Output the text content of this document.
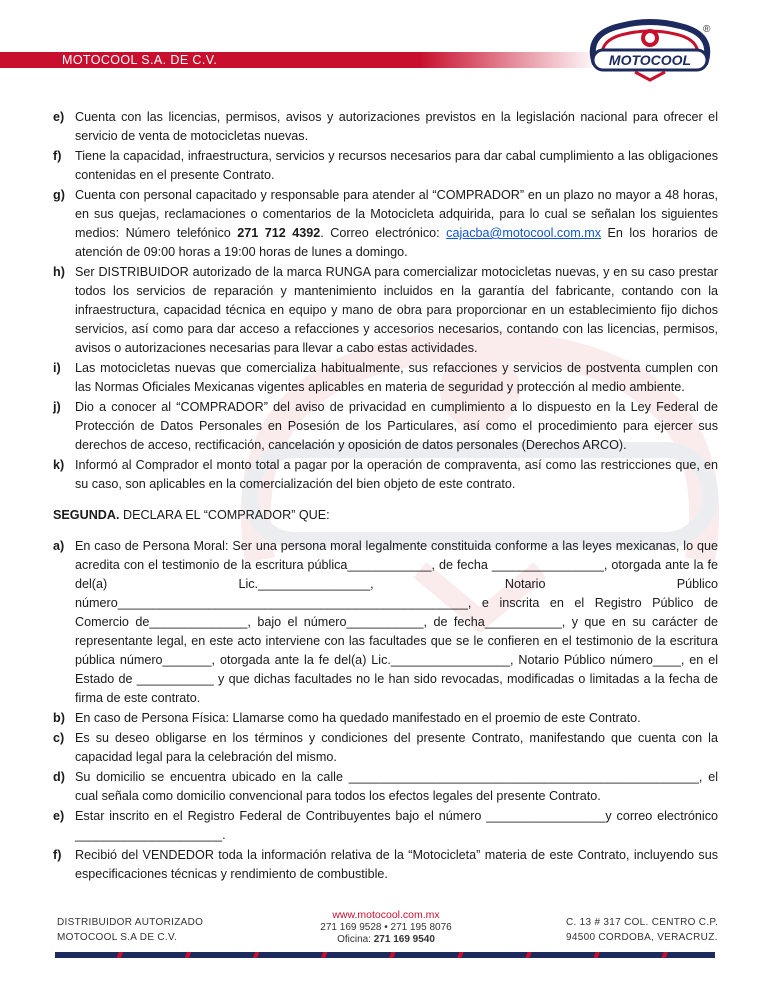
MOTOCOOL S.A. DE C.V.	MOTOCOOL
®
e) Cuenta con las licencias, permisos, avisos y autorizaciones previstos en la legislación nacional para ofrecer el servicio de venta de motocicletas nuevas.
f)	Tiene la capacidad, infraestructura, servicios y recursos necesarios para dar cabal cumplimiento a las obligaciones contenidas en el presente Contrato.
g) Cuenta con personal capacitado y responsable para atender al “COMPRADOR” en un plazo no mayor a 48 horas, en sus quejas, reclamaciones o comentarios de la Motocicleta adquirida, para lo cual se señalan los siguientes medios: Número telefónico 271 712 4392. Correo electrónico: cajacba@motocool.com.mx En los horarios de atención de 09:00 horas a 19:00 horas de lunes a domingo.
h) Ser DISTRIBUIDOR autorizado de la marca RUNGA para comercializar motocicletas nuevas, y en su caso prestar todos los servicios de reparación y mantenimiento incluidos en la garantía del fabricante, contando con la infraestructura, capacidad técnica en equipo y mano de obra para proporcionar en un establecimiento fijo dichos servicios, así como para dar acceso a refacciones y accesorios necesarios, contando con las licencias, permisos, avisos o autorizaciones necesarias para llevar a cabo estas actividades.
i)	Las motocicletas nuevas que comercializa habitualmente, sus refacciones y servicios de postventa cumplen con las Normas Oficiales Mexicanas vigentes aplicables en materia de seguridad y protección al medio ambiente.
j)	Dio a conocer al “COMPRADOR” del aviso de privacidad en cumplimiento a lo dispuesto en la Ley Federal de Protección de Datos Personales en Posesión de los Particulares, así como el procedimiento para ejercer sus derechos de acceso, rectificación, cancelación y oposición de datos personales (Derechos ARCO).
k) Informó al Comprador el monto total a pagar por la operación de compraventa, así como las restricciones que, en su caso, son aplicables en la comercialización del bien objeto de este contrato.
SEGUNDA. DECLARA EL “COMPRADOR” QUE:
a) En caso de Persona Moral: Ser una persona moral legalmente constituida conforme a las leyes mexicanas, lo que acredita con el testimonio de la escritura pública____________, de fecha ________________, otorgada ante la fe del(a) Lic.________________, Notario Público número__________________________________________________, e inscrita en el Registro Público de Comercio de______________, bajo el número___________, de fecha___________, y que en su carácter de representante legal, en este acto interviene con las facultades que se le confieren en el testimonio de la escritura pública número_______, otorgada ante la fe del(a) Lic._________________, Notario Público número____, en el Estado de ___________ y que dichas facultades no le han sido revocadas, modificadas o limitadas a la fecha de firma de este contrato.
b) En caso de Persona Física: Llamarse como ha quedado manifestado en el proemio de este Contrato.
c) Es su deseo obligarse en los términos y condiciones del presente Contrato, manifestando que cuenta con la capacidad legal para la celebración del mismo.
d) Su domicilio se encuentra ubicado en la calle __________________________________________________, el cual señala como domicilio convencional para todos los efectos legales del presente Contrato.
e) Estar inscrito en el Registro Federal de Contribuyentes bajo el número _________________y correo electrónico _____________________.
f)	Recibió del VENDEDOR toda la información relativa de la “Motocicleta” materia de este Contrato, incluyendo sus especificaciones técnicas y rendimiento de combustible.
DISTRIBUIDOR AUTORIZADO
MOTOCOOL S.A DE C.V.
www.motocool.com.mx
271 169 9528 • 271 195 8076
Oficina: 271 169 9540
C. 13 # 317 COL. CENTRO C.P.
94500 CORDOBA, VERACRUZ.
